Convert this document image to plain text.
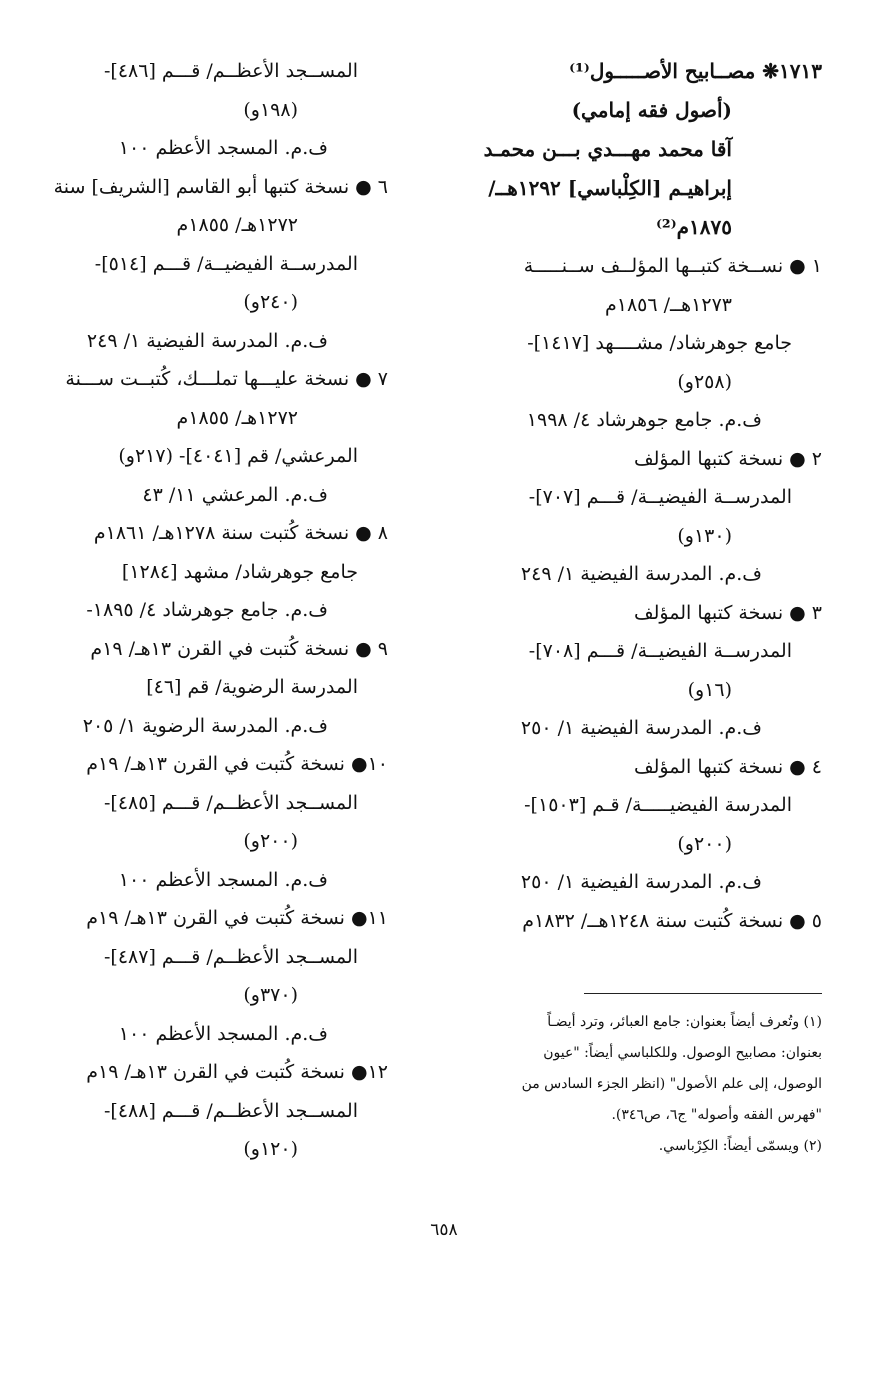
١٧١٣❋ مصــابيح الأصـــــول⁽¹⁾
(أصول فقه إمامي)
آقا محمد مهـــدي بـــن محمـد
إبراهيـم [الكِلْباسي] ١٢٩٢هــ/
١٨٧٥م⁽²⁾
١ ● نســخة كتبــها المؤلــف ســنـــــة
١٢٧٣هــ/ ١٨٥٦م
جامع جوهرشاد/ مشــــهد [١٤١٧]-
(٢٥٨و)
ف.م. جامع جوهرشاد ٤/ ١٩٩٨
٢ ● نسخة كتبها المؤلف
المدرســة الفيضيــة/ قـــم [٧٠٧]-
(١٣٠و)
ف.م. المدرسة الفيضية ١/ ٢٤٩
٣ ● نسخة كتبها المؤلف
المدرســة الفيضيــة/ قـــم [٧٠٨]-
(١٦و)
ف.م. المدرسة الفيضية ١/ ٢٥٠
٤ ● نسخة كتبها المؤلف
المدرسة الفيضيـــــة/ قـم [١٥٠٣]-
(٢٠٠و)
ف.م. المدرسة الفيضية ١/ ٢٥٠
٥ ● نسخة كُتبت سنة ١٢٤٨هــ/ ١٨٣٢م
المســجد الأعظــم/ قـــم [٤٨٦]-
(١٩٨و)
ف.م. المسجد الأعظم ١٠٠
٦ ● نسخة كتبها أبو القاسم [الشريف] سنة
١٢٧٢هـ/ ١٨٥٥م
المدرســة الفيضيــة/ قـــم [٥١٤]-
(٢٤٠و)
ف.م. المدرسة الفيضية ١/ ٢٤٩
٧ ● نسخة عليـــها تملـــك، كُتبــت ســـنة
١٢٧٢هـ/ ١٨٥٥م
المرعشي/ قم [٤٠٤١]- (٢١٧و)
ف.م. المرعشي ١١/ ٤٣
٨ ● نسخة كُتبت سنة ١٢٧٨هـ/ ١٨٦١م
جامع جوهرشاد/ مشهد [١٢٨٤]
ف.م. جامع جوهرشاد ٤/ ١٨٩٥-
٩ ● نسخة كُتبت في القرن ١٣هـ/ ١٩م
المدرسة الرضوية/ قم [٤٦]
ف.م. المدرسة الرضوية ١/ ٢٠٥
١٠● نسخة كُتبت في القرن ١٣هـ/ ١٩م
المســجد الأعظــم/ قـــم [٤٨٥]-
(٢٠٠و)
ف.م. المسجد الأعظم ١٠٠
١١● نسخة كُتبت في القرن ١٣هـ/ ١٩م
المســجد الأعظــم/ قـــم [٤٨٧]-
(٣٧٠و)
ف.م. المسجد الأعظم ١٠٠
١٢● نسخة كُتبت في القرن ١٣هـ/ ١٩م
المســجد الأعظــم/ قـــم [٤٨٨]-
(١٢٠و)
(١) وتُعرف أيضاً بعنوان: جامع العبائر، وترد أيضـاً
بعنوان: مصابيح الوصول. وللكلباسي أيضاً: "عيون
الوصول، إلى علم الأصول" (انظر الجزء السادس من
"فهرس الفقه وأصوله" ج٦، ص٣٤٦).
(٢) ويسمّى أيضاً: الكِرْباسي.
٦٥٨
